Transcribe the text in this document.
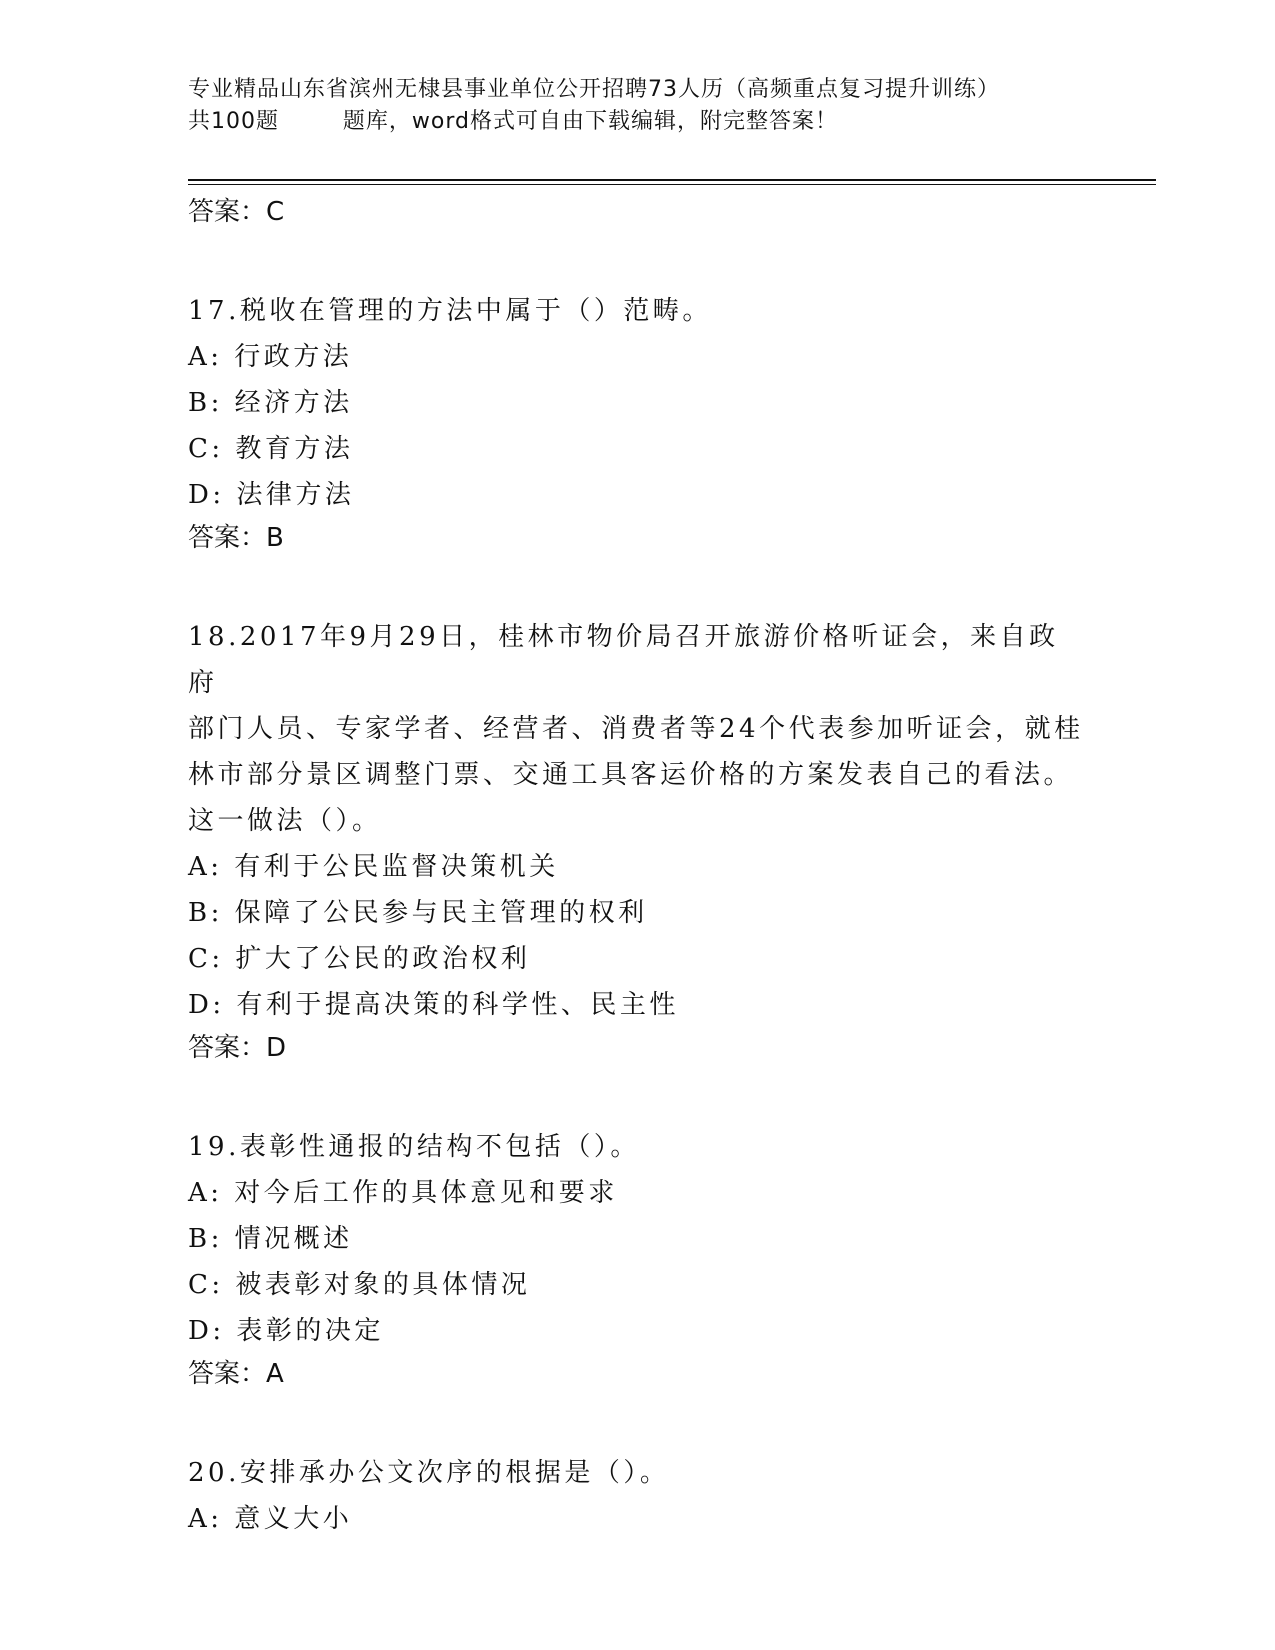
专业精品山东省滨州无棣县事业单位公开招聘73人历（高频重点复习提升训练）
共100题        题库，word格式可自由下载编辑，附完整答案！

答案：C

17.税收在管理的方法中属于（）范畴。

A: 行政方法

B: 经济方法

C: 教育方法

D: 法律方法

答案：B

18.2017年9月29日，桂林市物价局召开旅游价格听证会，来自政府

部门人员、专家学者、经营者、消费者等24个代表参加听证会，就桂

林市部分景区调整门票、交通工具客运价格的方案发表自己的看法。

这一做法（）。

A: 有利于公民监督决策机关

B: 保障了公民参与民主管理的权利

C: 扩大了公民的政治权利

D: 有利于提高决策的科学性、民主性

答案：D

19.表彰性通报的结构不包括（）。

A: 对今后工作的具体意见和要求

B: 情况概述

C: 被表彰对象的具体情况

D: 表彰的决定

答案：A

20.安排承办公文次序的根据是（）。

A: 意义大小
